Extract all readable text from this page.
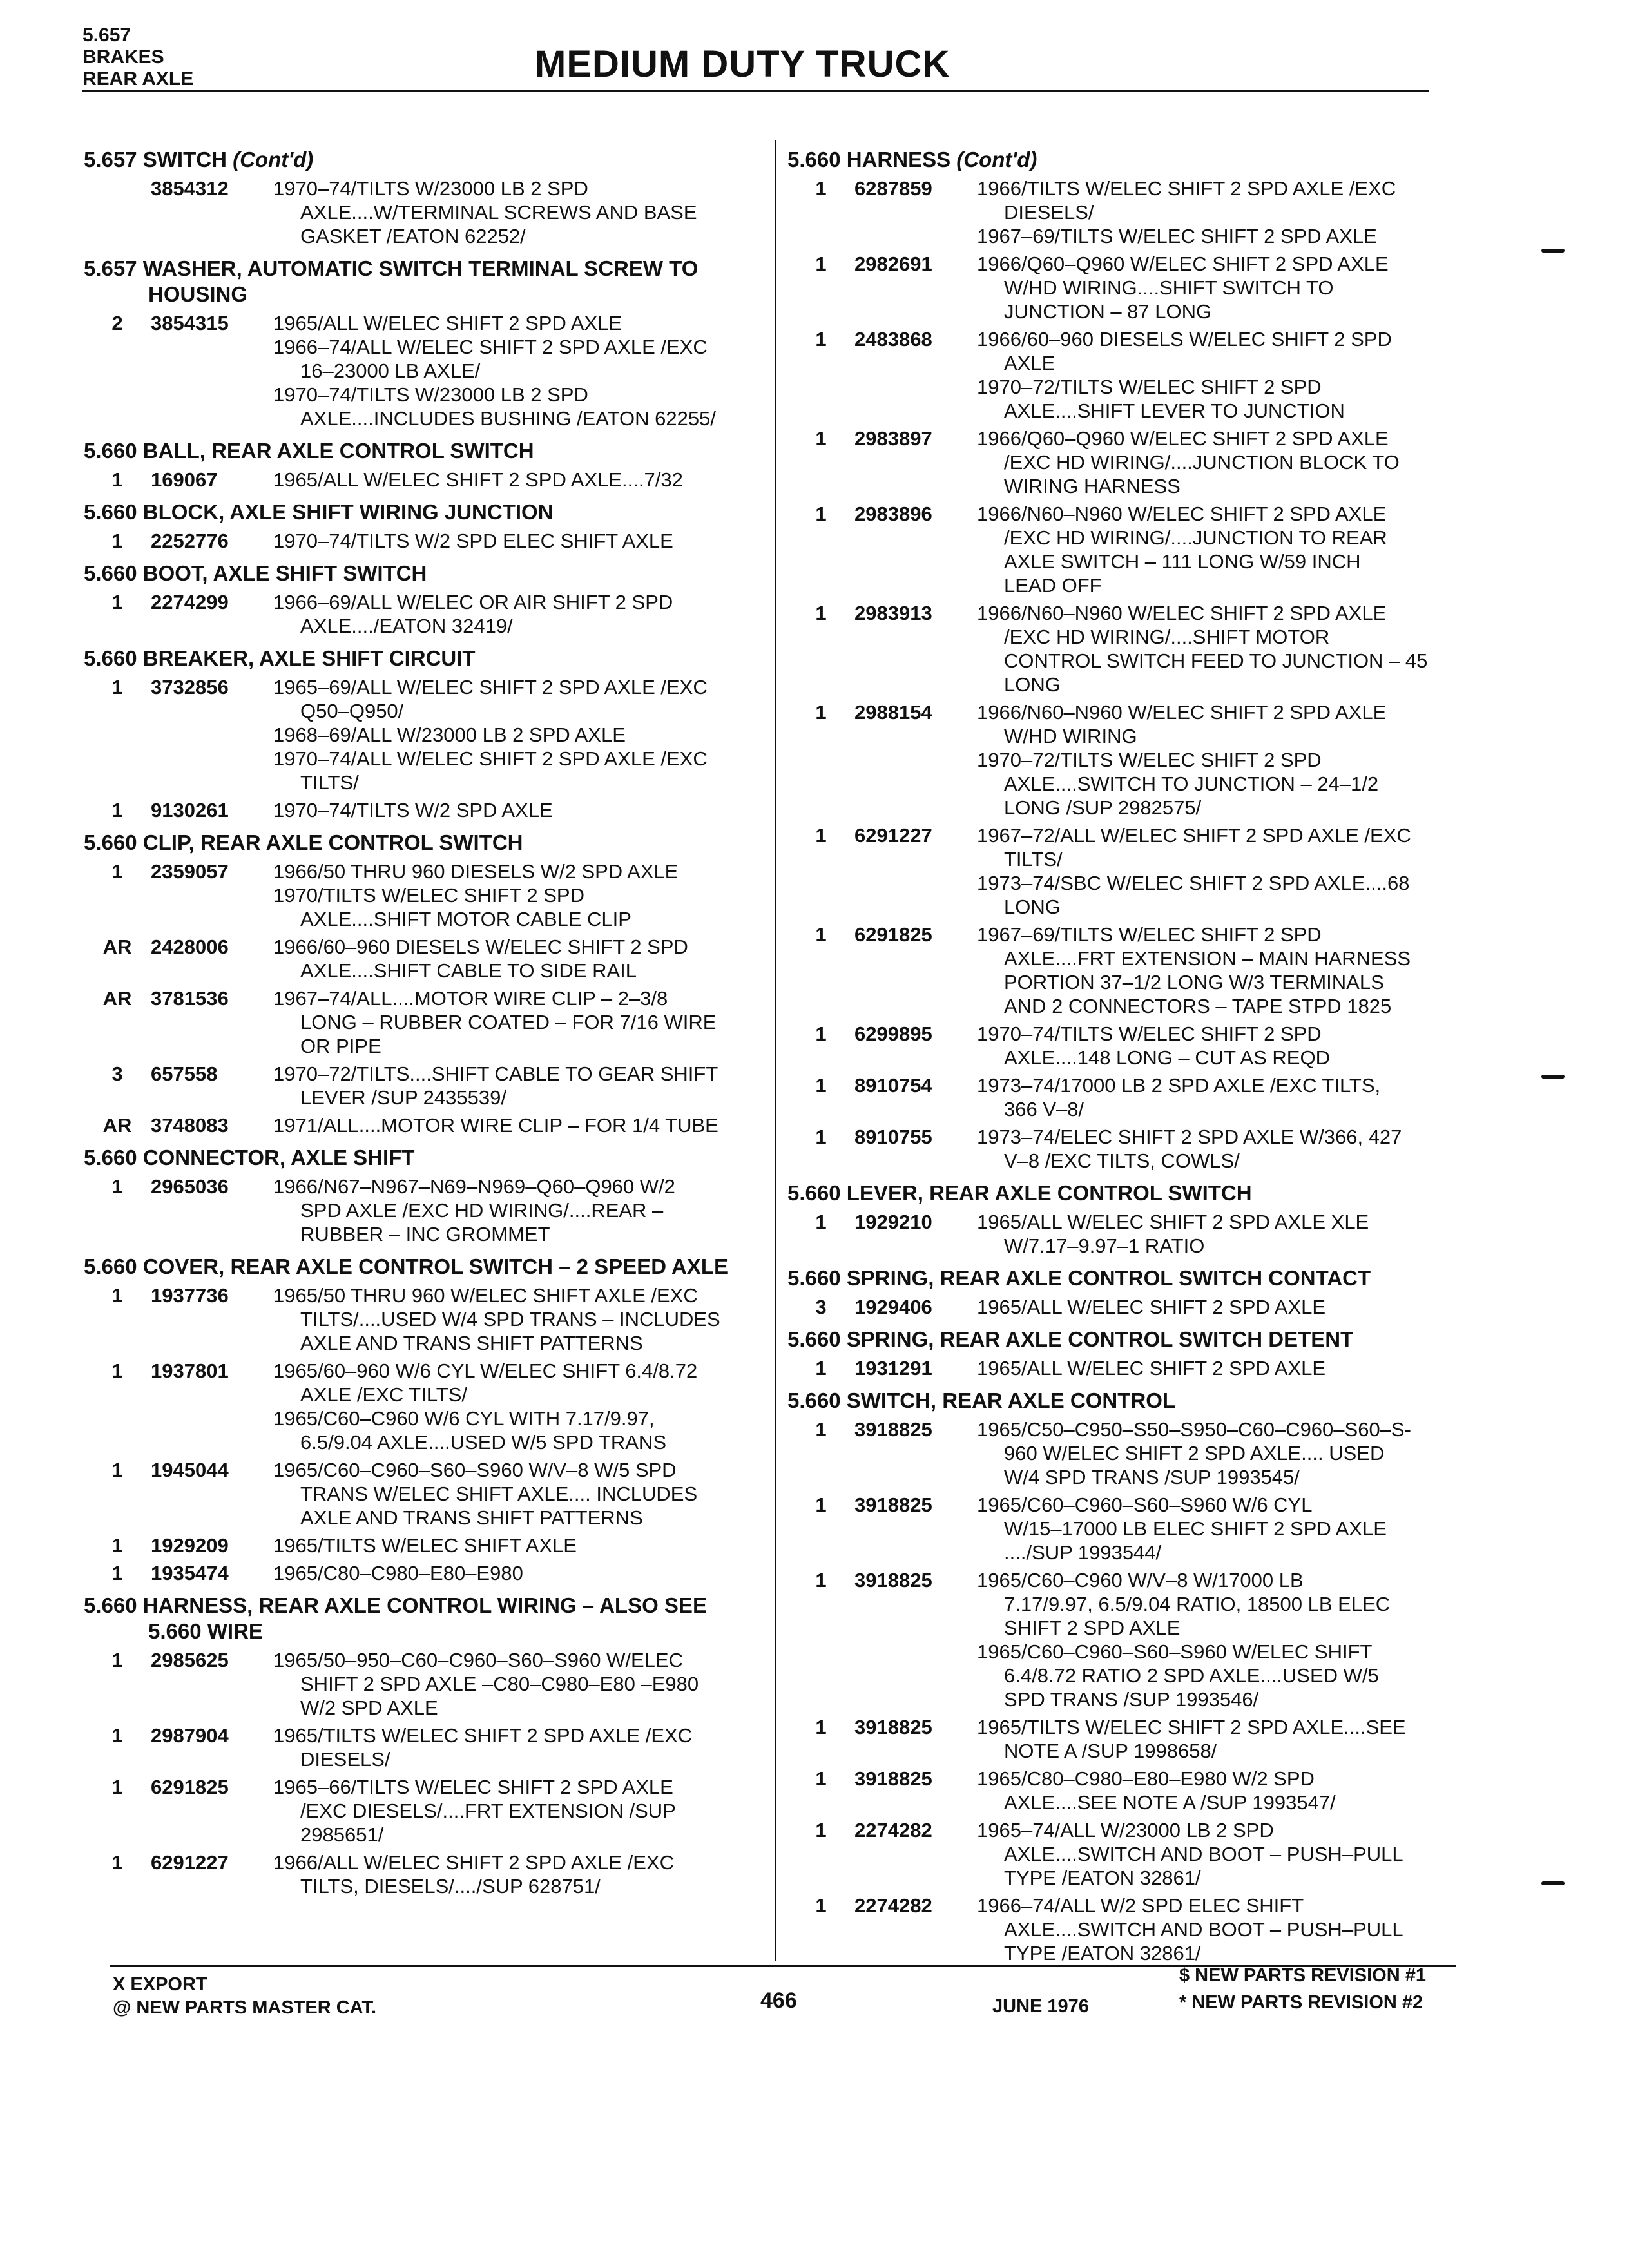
5.657
BRAKES
REAR AXLE	MEDIUM DUTY TRUCK
5.657 SWITCH (Cont'd)
3854312	1970–74/TILTS W/23000 LB 2 SPD
AXLE....W/TERMINAL SCREWS AND BASE
GASKET /EATON 62252/
5.657 WASHER, AUTOMATIC SWITCH TERMINAL SCREW TO HOUSING
2	3854315	1965/ALL W/ELEC SHIFT 2 SPD AXLE
1966–74/ALL W/ELEC SHIFT 2 SPD AXLE /EXC
16–23000 LB AXLE/
1970–74/TILTS W/23000 LB 2 SPD
AXLE....INCLUDES BUSHING /EATON 62255/
5.660 BALL, REAR AXLE CONTROL SWITCH
1	169067	1965/ALL W/ELEC SHIFT 2 SPD AXLE....7/32
5.660 BLOCK, AXLE SHIFT WIRING JUNCTION
1	2252776	1970–74/TILTS W/2 SPD ELEC SHIFT AXLE
5.660 BOOT, AXLE SHIFT SWITCH
1	2274299	1966–69/ALL W/ELEC OR AIR SHIFT 2 SPD
AXLE..../EATON 32419/
5.660 BREAKER, AXLE SHIFT CIRCUIT
1	3732856	1965–69/ALL W/ELEC SHIFT 2 SPD AXLE /EXC
Q50–Q950/
1968–69/ALL W/23000 LB 2 SPD AXLE
1970–74/ALL W/ELEC SHIFT 2 SPD AXLE /EXC
TILTS/
1	9130261	1970–74/TILTS W/2 SPD AXLE
5.660 CLIP, REAR AXLE CONTROL SWITCH
1	2359057	1966/50 THRU 960 DIESELS W/2 SPD AXLE
1970/TILTS W/ELEC SHIFT 2 SPD
AXLE....SHIFT MOTOR CABLE CLIP
AR 2428006	1966/60–960 DIESELS W/ELEC SHIFT 2 SPD
AXLE....SHIFT CABLE TO SIDE RAIL
AR 3781536	1967–74/ALL....MOTOR WIRE CLIP – 2–3/8
LONG – RUBBER COATED – FOR 7/16 WIRE
OR PIPE
3	657558	1970–72/TILTS....SHIFT CABLE TO GEAR SHIFT
LEVER /SUP 2435539/
AR 3748083	1971/ALL....MOTOR WIRE CLIP – FOR 1/4 TUBE
5.660 CONNECTOR, AXLE SHIFT
1	2965036	1966/N67–N967–N69–N969–Q60–Q960 W/2
SPD AXLE /EXC HD WIRING/....REAR –
RUBBER – INC GROMMET
5.660 COVER, REAR AXLE CONTROL SWITCH – 2 SPEED AXLE
1	1937736	1965/50 THRU 960 W/ELEC SHIFT AXLE /EXC
TILTS/....USED W/4 SPD TRANS – INCLUDES
AXLE AND TRANS SHIFT PATTERNS
1	1937801	1965/60–960 W/6 CYL W/ELEC SHIFT 6.4/8.72
AXLE /EXC TILTS/
1965/C60–C960 W/6 CYL WITH 7.17/9.97,
6.5/9.04 AXLE....USED W/5 SPD TRANS
1	1945044	1965/C60–C960–S60–S960 W/V–8 W/5 SPD
TRANS W/ELEC SHIFT AXLE.... INCLUDES
AXLE AND TRANS SHIFT PATTERNS
1	1929209	1965/TILTS W/ELEC SHIFT AXLE
1	1935474	1965/C80–C980–E80–E980
5.660 HARNESS, REAR AXLE CONTROL WIRING – ALSO SEE 5.660 WIRE
1	2985625	1965/50–950–C60–C960–S60–S960 W/ELEC
SHIFT 2 SPD AXLE –C80–C980–E80 –E980
W/2 SPD AXLE
1	2987904	1965/TILTS W/ELEC SHIFT 2 SPD AXLE /EXC
DIESELS/
1	6291825	1965–66/TILTS W/ELEC SHIFT 2 SPD AXLE
/EXC DIESELS/....FRT EXTENSION /SUP
2985651/
1	6291227	1966/ALL W/ELEC SHIFT 2 SPD AXLE /EXC
TILTS, DIESELS/..../SUP 628751/
5.660 HARNESS (Cont'd)
1	6287859	1966/TILTS W/ELEC SHIFT 2 SPD AXLE /EXC
DIESELS/
1967–69/TILTS W/ELEC SHIFT 2 SPD AXLE
1	2982691	1966/Q60–Q960 W/ELEC SHIFT 2 SPD AXLE
W/HD WIRING....SHIFT SWITCH TO
JUNCTION – 87 LONG
1	2483868	1966/60–960 DIESELS W/ELEC SHIFT 2 SPD
AXLE
1970–72/TILTS W/ELEC SHIFT 2 SPD
AXLE....SHIFT LEVER TO JUNCTION
1	2983897	1966/Q60–Q960 W/ELEC SHIFT 2 SPD AXLE
/EXC HD WIRING/....JUNCTION BLOCK TO
WIRING HARNESS
1	2983896	1966/N60–N960 W/ELEC SHIFT 2 SPD AXLE
/EXC HD WIRING/....JUNCTION TO REAR
AXLE SWITCH – 111 LONG W/59 INCH
LEAD OFF
1	2983913	1966/N60–N960 W/ELEC SHIFT 2 SPD AXLE
/EXC HD WIRING/....SHIFT MOTOR
CONTROL SWITCH FEED TO JUNCTION – 45
LONG
1	2988154	1966/N60–N960 W/ELEC SHIFT 2 SPD AXLE
W/HD WIRING
1970–72/TILTS W/ELEC SHIFT 2 SPD
AXLE....SWITCH TO JUNCTION – 24–1/2
LONG /SUP 2982575/
1	6291227	1967–72/ALL W/ELEC SHIFT 2 SPD AXLE /EXC
TILTS/
1973–74/SBC W/ELEC SHIFT 2 SPD AXLE....68
LONG
1	6291825	1967–69/TILTS W/ELEC SHIFT 2 SPD
AXLE....FRT EXTENSION – MAIN HARNESS
PORTION 37–1/2 LONG W/3 TERMINALS
AND 2 CONNECTORS – TAPE STPD 1825
1	6299895	1970–74/TILTS W/ELEC SHIFT 2 SPD
AXLE....148 LONG – CUT AS REQD
1	8910754	1973–74/17000 LB 2 SPD AXLE /EXC TILTS,
366 V–8/
1	8910755	1973–74/ELEC SHIFT 2 SPD AXLE W/366, 427
V–8 /EXC TILTS, COWLS/
5.660 LEVER, REAR AXLE CONTROL SWITCH
1	1929210	1965/ALL W/ELEC SHIFT 2 SPD AXLE XLE
W/7.17–9.97–1 RATIO
5.660 SPRING, REAR AXLE CONTROL SWITCH CONTACT
3	1929406	1965/ALL W/ELEC SHIFT 2 SPD AXLE
5.660 SPRING, REAR AXLE CONTROL SWITCH DETENT
1	1931291	1965/ALL W/ELEC SHIFT 2 SPD AXLE
5.660 SWITCH, REAR AXLE CONTROL
1	3918825	1965/C50–C950–S50–S950–C60–C960–S60–S-
960 W/ELEC SHIFT 2 SPD AXLE.... USED
W/4 SPD TRANS /SUP 1993545/
1	3918825	1965/C60–C960–S60–S960 W/6 CYL
W/15–17000 LB ELEC SHIFT 2 SPD AXLE
..../SUP 1993544/
1	3918825	1965/C60–C960 W/V–8 W/17000 LB
7.17/9.97, 6.5/9.04 RATIO, 18500 LB ELEC
SHIFT 2 SPD AXLE
1965/C60–C960–S60–S960 W/ELEC SHIFT
6.4/8.72 RATIO 2 SPD AXLE....USED W/5
SPD TRANS /SUP 1993546/
1	3918825	1965/TILTS W/ELEC SHIFT 2 SPD AXLE....SEE
NOTE A /SUP 1998658/
1	3918825	1965/C80–C980–E80–E980 W/2 SPD
AXLE....SEE NOTE A /SUP 1993547/
1	2274282	1965–74/ALL W/23000 LB 2 SPD
AXLE....SWITCH AND BOOT – PUSH–PULL
TYPE /EATON 32861/
1	2274282	1966–74/ALL W/2 SPD ELEC SHIFT
AXLE....SWITCH AND BOOT – PUSH–PULL
TYPE /EATON 32861/
X EXPORT
@ NEW PARTS MASTER CAT.	466	JUNE 1976
$ NEW PARTS REVISION #1
* NEW PARTS REVISION #2
